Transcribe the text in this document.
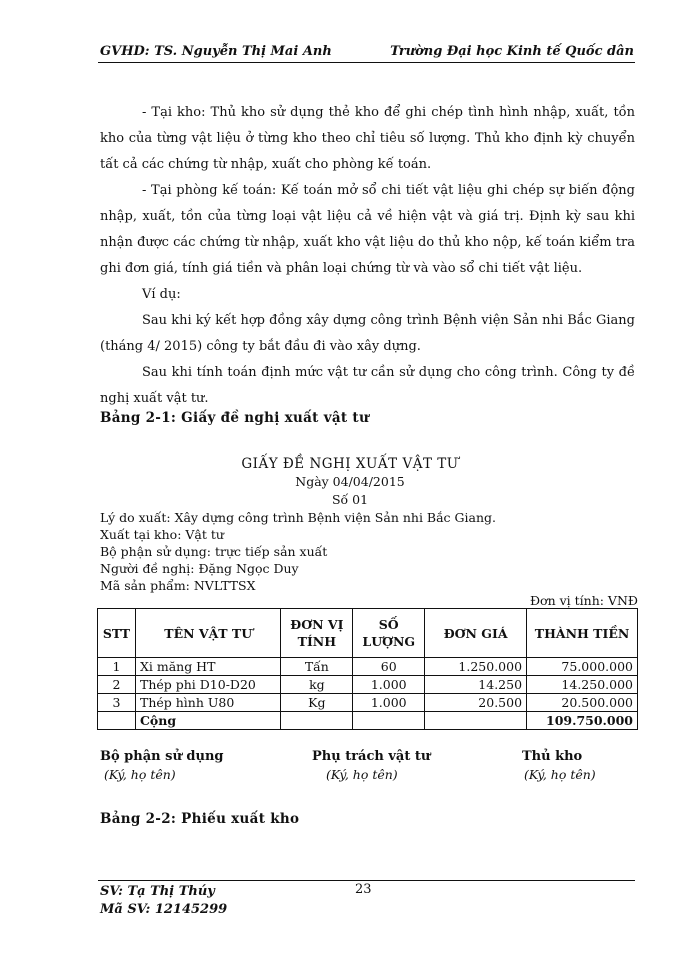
GVHD: TS. Nguyễn Thị Mai Anh	Trường Đại học Kinh tế Quốc dân
- Tại kho: Thủ kho sử dụng thẻ kho để ghi chép tình hình nhập, xuất, tồn kho của từng vật liệu ở từng kho theo chỉ tiêu số lượng. Thủ kho định kỳ chuyển tất cả các chứng từ nhập, xuất cho phòng kế toán.
- Tại phòng kế toán: Kế toán mở sổ chi tiết vật liệu ghi chép sự biến động nhập, xuất, tồn của từng loại vật liệu cả về hiện vật và giá trị. Định kỳ sau khi nhận được các chứng từ nhập, xuất kho vật liệu do thủ kho nộp, kế toán kiểm tra ghi đơn giá, tính giá tiền và phân loại chứng từ và vào sổ chi tiết vật liệu.
Ví dụ:
Sau khi ký kết hợp đồng xây dựng công trình Bệnh viện Sản nhi Bắc Giang (tháng 4/ 2015) công ty bắt đầu đi vào xây dựng.
Sau khi tính toán định mức vật tư cần sử dụng cho công trình. Công ty đề nghị xuất vật tư.
Bảng 2-1: Giấy đề nghị xuất vật tư
GIẤY ĐỀ NGHỊ XUẤT VẬT TƯ
Ngày 04/04/2015
Số 01
Lý do xuất: Xây dựng công trình Bệnh viện Sản nhi Bắc Giang.
Xuất tại kho: Vật tư
Bộ phận sử dụng: trực tiếp sản xuất
Người đề nghị: Đặng Ngọc Duy
Mã sản phẩm: NVLTTSX
Đơn vị tính: VNĐ
STT	TÊN VẬT TƯ	ĐƠN VỊ TÍNH	SỐ LƯỢNG	ĐƠN GIÁ	THÀNH TIỀN
1	Xi măng HT	Tấn	60	1.250.000	75.000.000
2	Thép phi D10-D20	kg	1.000	14.250	14.250.000
3	Thép hình U80	Kg	1.000	20.500	20.500.000
	Cộng				109.750.000
Bộ phận sử dụng
(Ký, họ tên)
Phụ trách vật tư
(Ký, họ tên)
Thủ kho
(Ký, họ tên)
Bảng 2-2: Phiếu xuất kho
23
SV: Tạ Thị Thúy
Mã SV: 12145299
